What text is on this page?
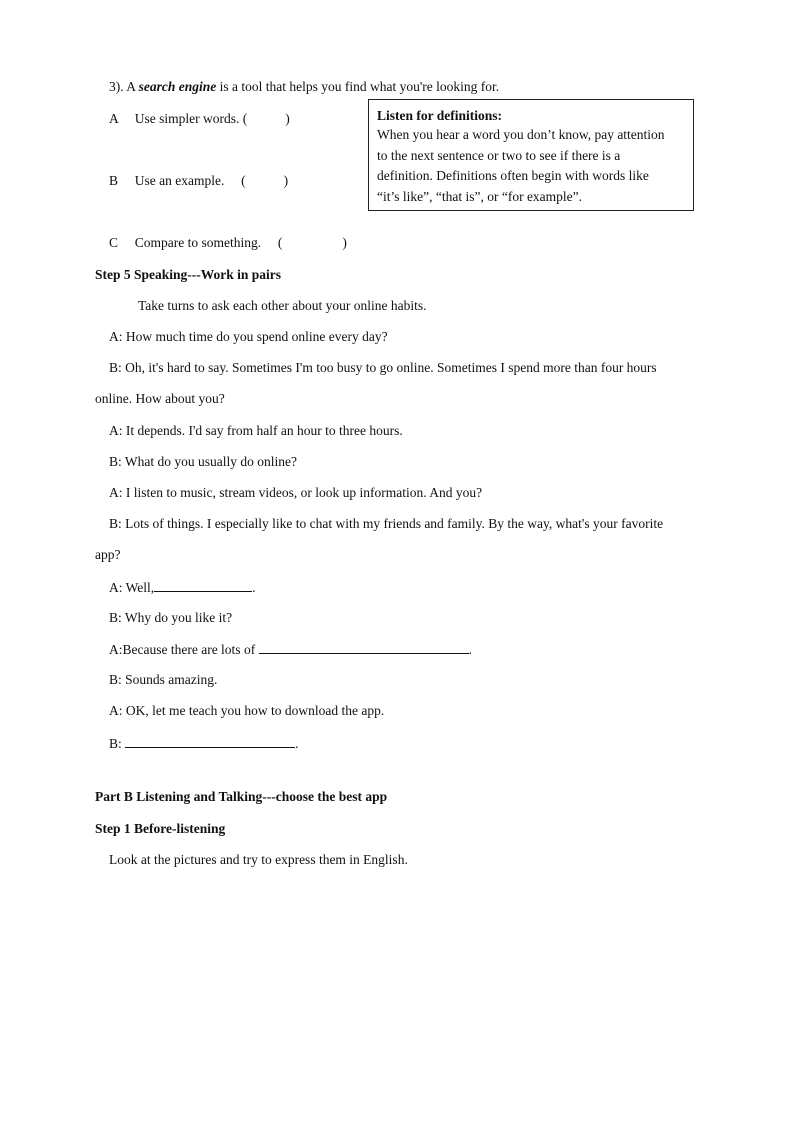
3). A search engine is a tool that helps you find what you're looking for.
A Use simpler words. (	)
B Use an example. (	)
C Compare to something. (	)
Listen for definitions:
When you hear a word you don’t know, pay attention
to the next sentence or two to see if there is a
definition. Definitions often begin with words like
“it’s like”, “that is”, or “for example”.
Step 5 Speaking---Work in pairs
Take turns to ask each other about your online habits.
A: How much time do you spend online every day?
B: Oh, it's hard to say. Sometimes I'm too busy to go online. Sometimes I spend more than four hours
online. How about you?
A: It depends. I'd say from half an hour to three hours.
B: What do you usually do online?
A: I listen to music, stream videos, or look up information. And you?
B: Lots of things. I especially like to chat with my friends and family. By the way, what's your favorite
app?
A: Well,	.
B: Why do you like it?
A:Because there are lots of	.
B: Sounds amazing.
A: OK, let me teach you how to download the app.
B:	.
Part B Listening and Talking---choose the best app
Step 1 Before-listening
Look at the pictures and try to express them in English.
